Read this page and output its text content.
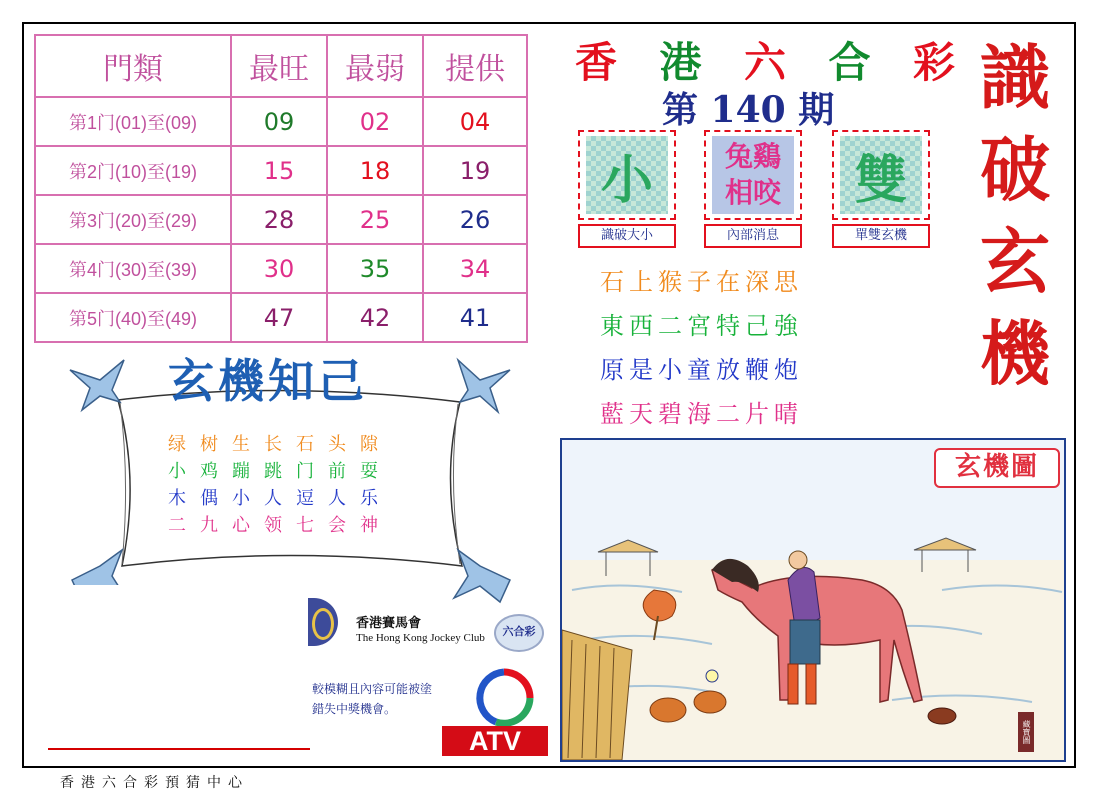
門類	最旺	最弱	提供
第1门(01)至(09)	09	02	04
第2门(10)至(19)	15	18	19
第3门(20)至(29)	28	25	26
第4门(30)至(39)	30	35	34
第5门(40)至(49)	47	42	41
香 港 六 合 彩
第 140 期 識
破
玄
機
小
識破大小
兔鷄
相咬
內部消息
雙
單雙玄機
石上猴子在深思
東西二宮特己強
原是小童放鞭炮
藍天碧海二片晴
玄機知己
绿树生长石头隙
小鸡蹦跳门前耍
木偶小人逗人乐
二九心领七会神
香港賽馬會
The Hong Kong Jockey Club	六合彩
較模糊且內容可能被塗
錯失中獎機會。
ATV
玄機圖
藏寶圖
香港六合彩預猜中心
